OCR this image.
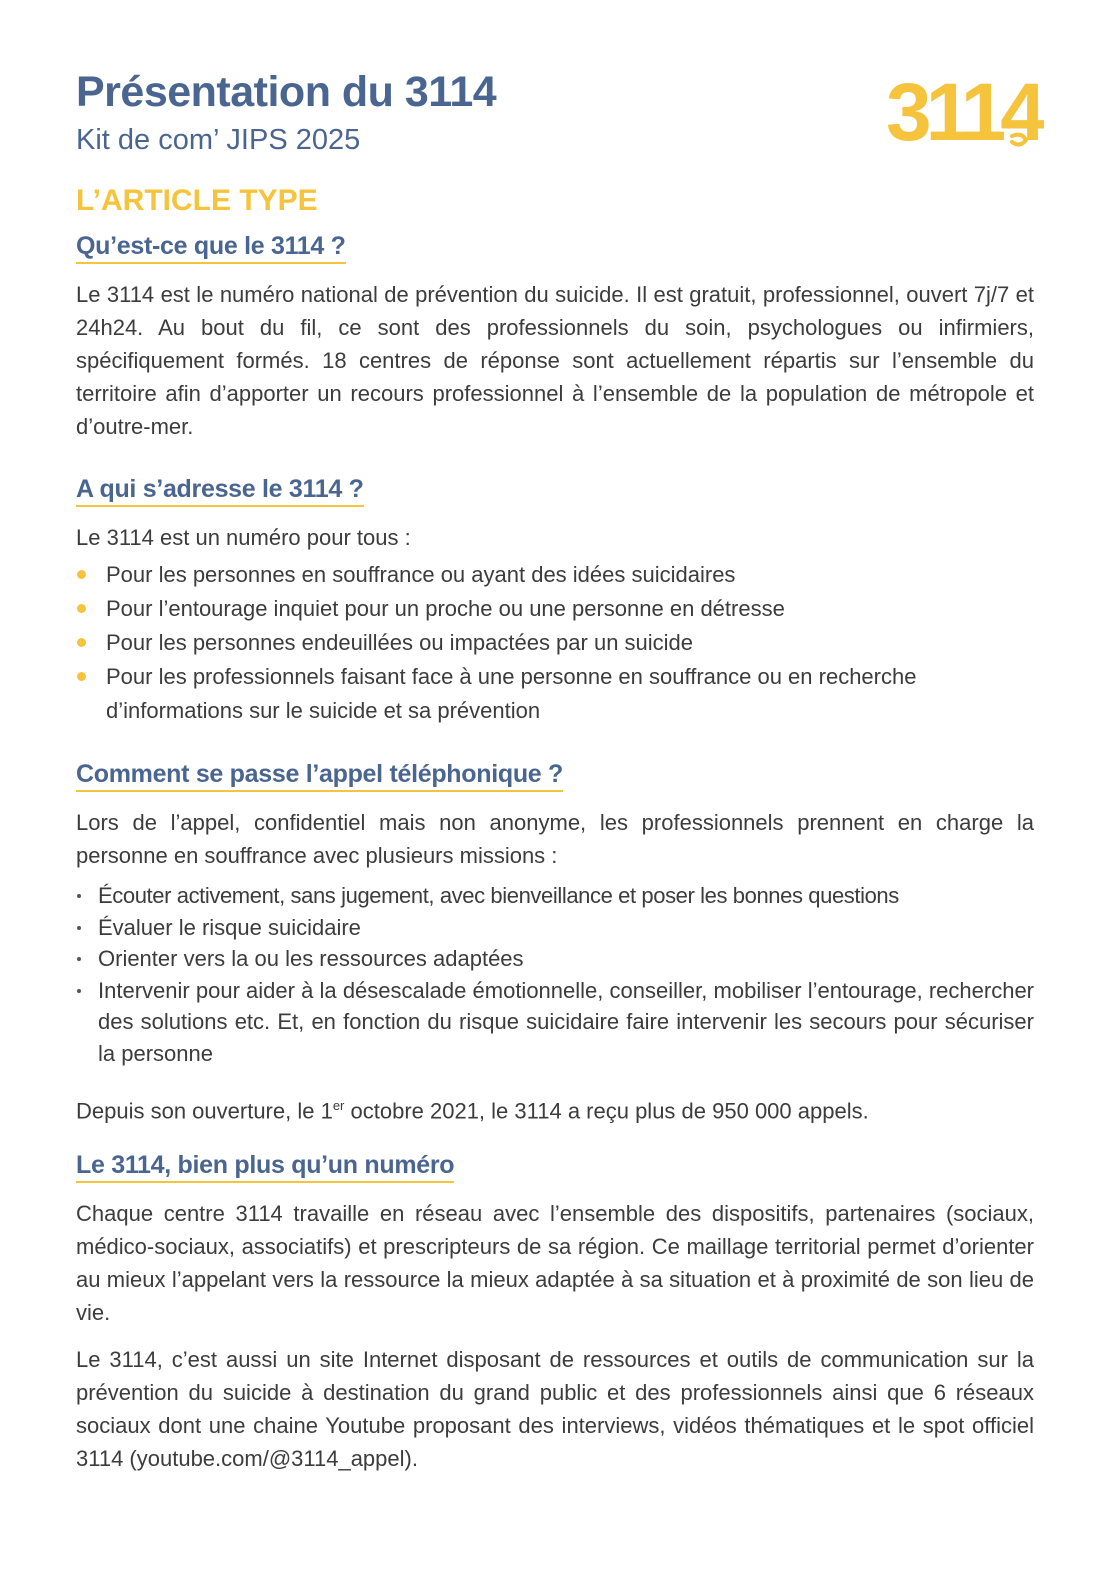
Présentation du 3114
Kit de com’ JIPS 2025	3114
L’ARTICLE TYPE
Qu’est-ce que le 3114 ?

Le 3114 est le numéro national de prévention du suicide. Il est gratuit, professionnel, ouvert 7j/7 et 24h24. Au bout du fil, ce sont des professionnels du soin, psychologues ou infirmiers, spécifiquement formés. 18 centres de réponse sont actuellement répartis sur l’ensemble du territoire afin d’apporter un recours professionnel à l’ensemble de la population de métropole et d’outre-mer.

A qui s’adresse le 3114 ?

Le 3114 est un numéro pour tous :

Pour les personnes en souffrance ou ayant des idées suicidaires
Pour l’entourage inquiet pour un proche ou une personne en détresse
Pour les personnes endeuillées ou impactées par un suicide
Pour les professionnels faisant face à une personne en souffrance ou en recherche d’informations sur le suicide et sa prévention
Comment se passe l’appel téléphonique ?

Lors de l’appel, confidentiel mais non anonyme, les professionnels prennent en charge la personne en souffrance avec plusieurs missions :

Écouter activement, sans jugement, avec bienveillance et poser les bonnes questions
Évaluer le risque suicidaire
Orienter vers la ou les ressources adaptées
Intervenir pour aider à la désescalade émotionnelle, conseiller, mobiliser l’entourage, rechercher des solutions etc. Et, en fonction du risque suicidaire faire intervenir les secours pour sécuriser la personne

Depuis son ouverture, le 1er octobre 2021, le 3114 a reçu plus de 950 000 appels.

Le 3114, bien plus qu’un numéro

Chaque centre 3114 travaille en réseau avec l’ensemble des dispositifs, partenaires (sociaux, médico-sociaux, associatifs) et prescripteurs de sa région. Ce maillage territorial permet d’orienter au mieux l’appelant vers la ressource la mieux adaptée à sa situation et à proximité de son lieu de vie.

Le 3114, c’est aussi un site Internet disposant de ressources et outils de communication sur la prévention du suicide à destination du grand public et des professionnels ainsi que 6 réseaux sociaux dont une chaine Youtube proposant des interviews, vidéos thématiques et le spot officiel 3114 (youtube.com/@3114_appel).
